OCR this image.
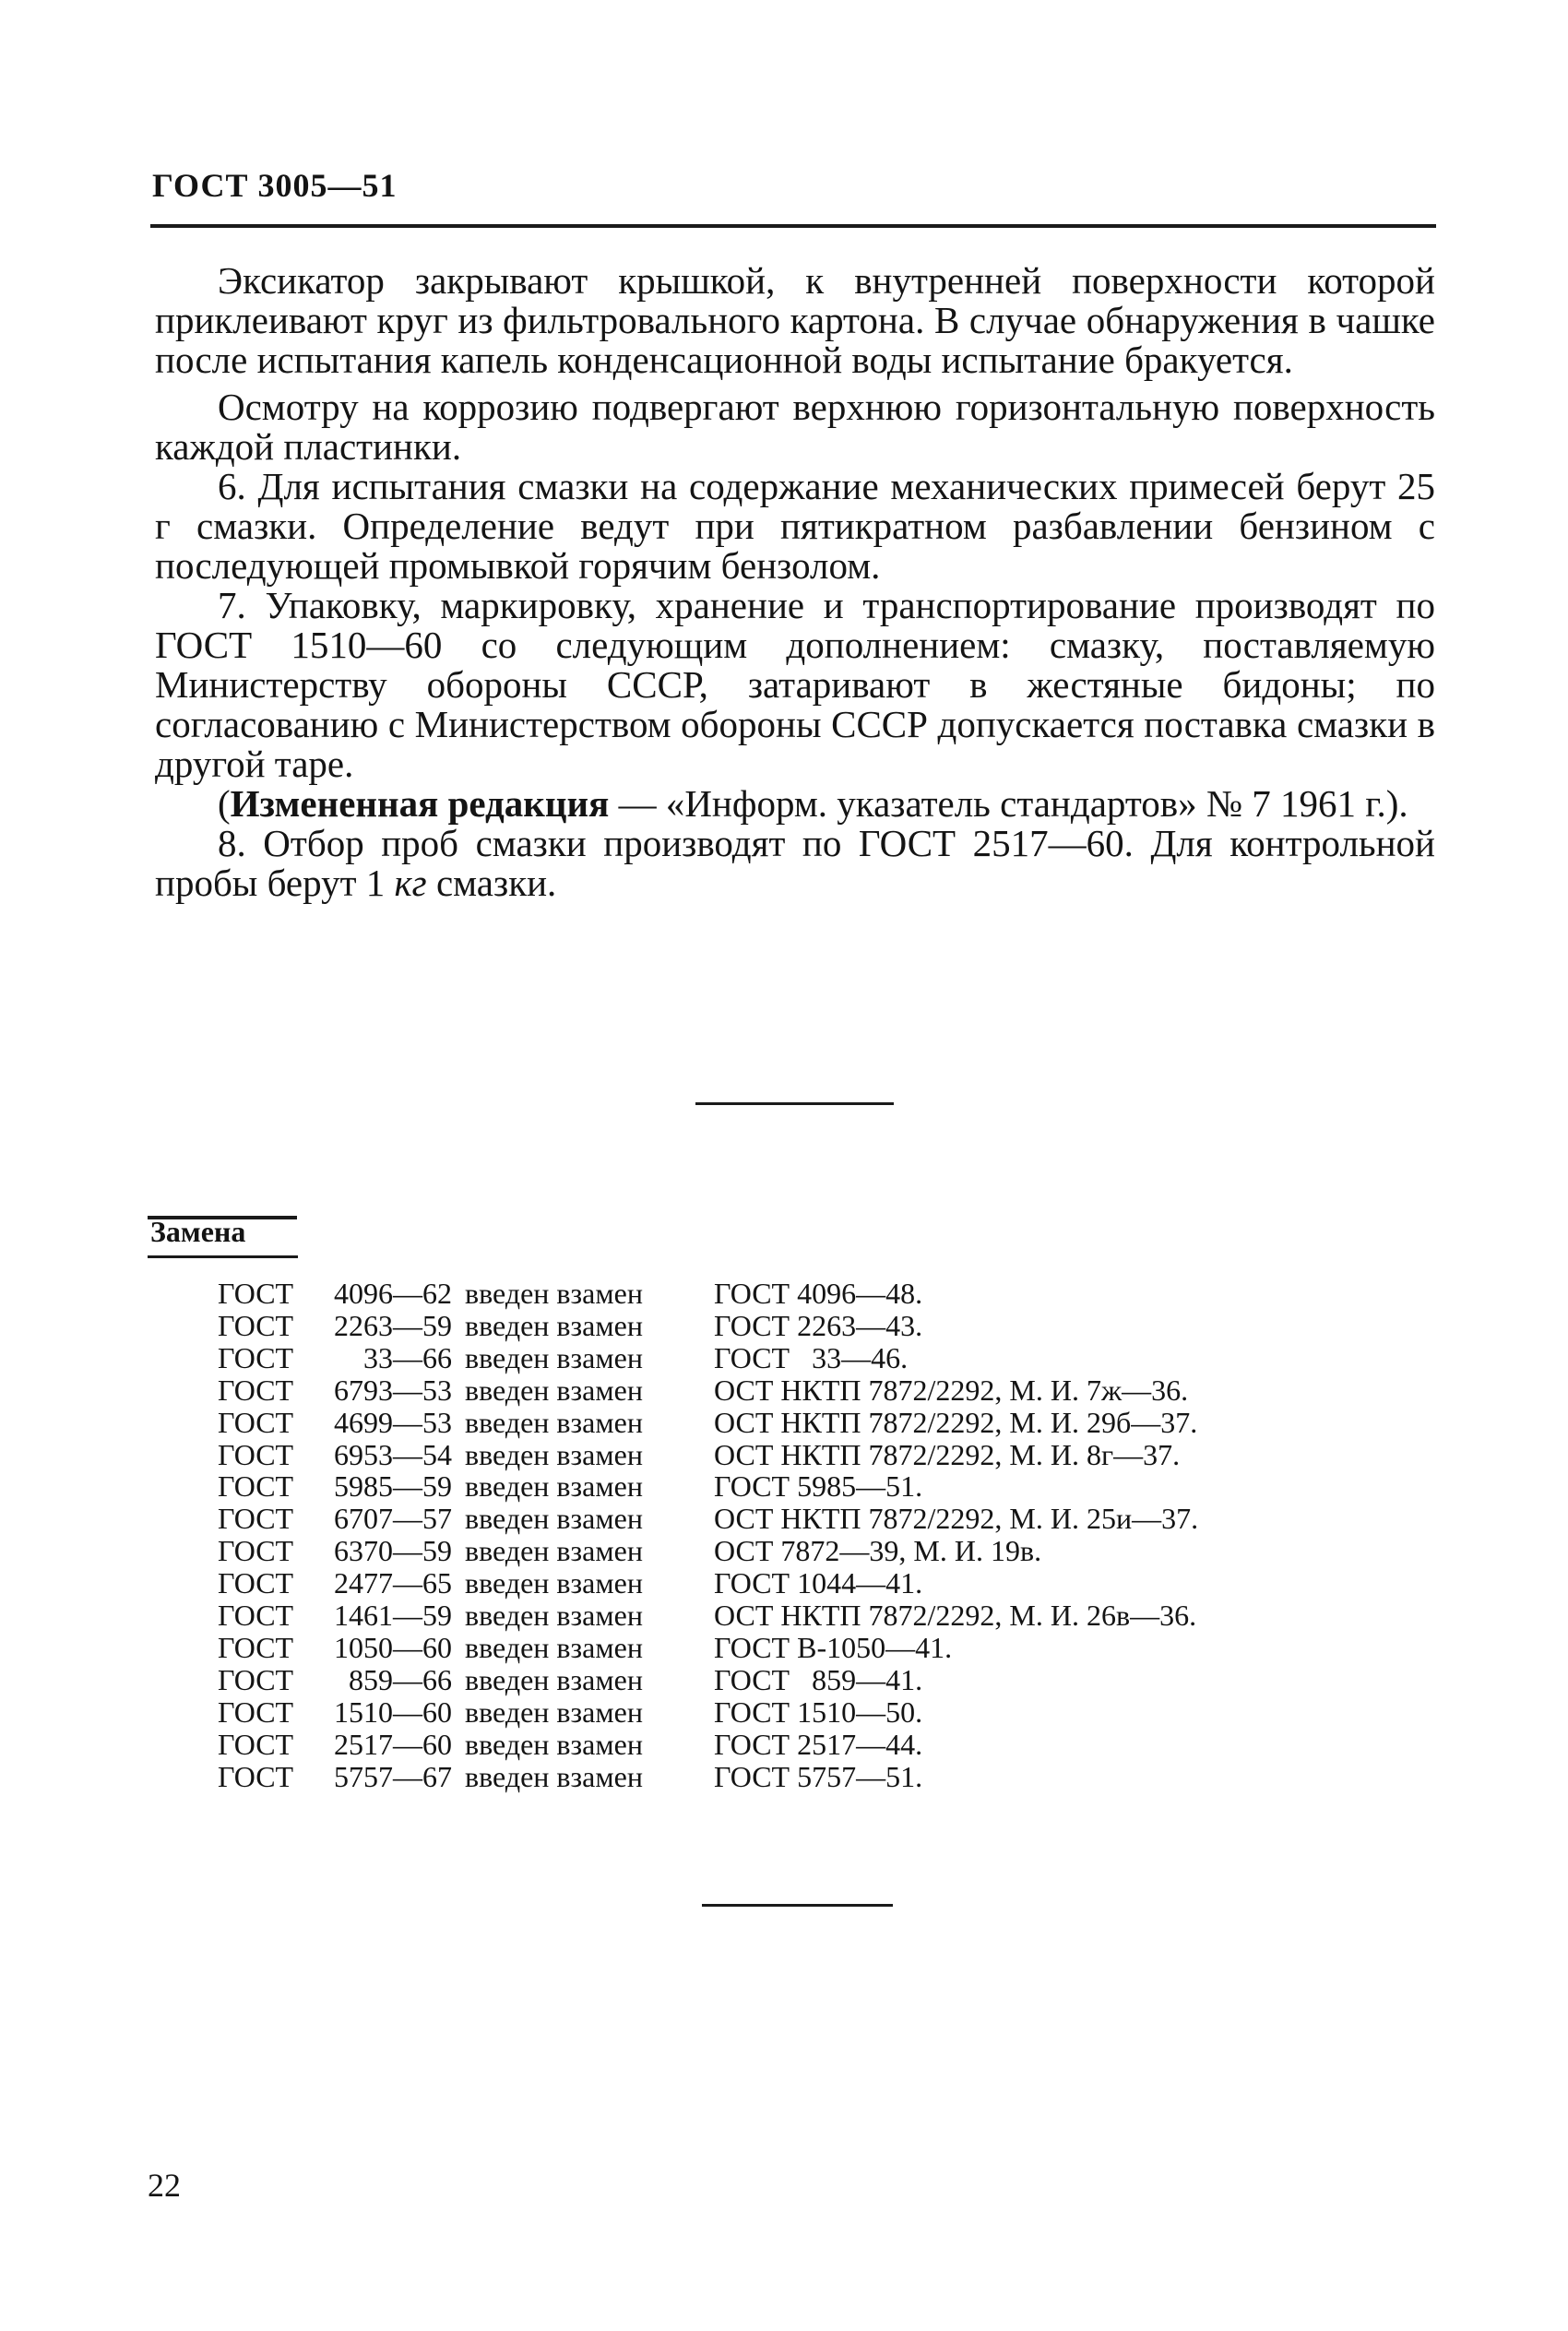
ГОСТ 3005—51

Эксикатор закрывают крышкой, к внутренней поверхности которой приклеивают круг из фильтровального картона. В случае обнаружения в чашке после испытания капель конденсационной воды испытание бракуется.

Осмотру на коррозию подвергают верхнюю горизонтальную поверхность каждой пластинки.

6. Для испытания смазки на содержание механических примесей берут 25 г смазки. Определение ведут при пятикратном разбавлении бензином с последующей промывкой горячим бензолом.

7. Упаковку, маркировку, хранение и транспортирование производят по ГОСТ 1510—60 со следующим дополнением: смазку, поставляемую Министерству обороны СССР, затаривают в жестяные бидоны; по согласованию с Министерством обороны СССР допускается поставка смазки в другой таре.

(Измененная редакция — «Информ. указатель стандартов» № 7 1961 г.).

8. Отбор проб смазки производят по ГОСТ 2517—60. Для контрольной пробы берут 1 кг смазки.

Замена
ГОСТ 4096—62 введен взамен ГОСТ 4096—48.
ГОСТ 2263—59 введен взамен ГОСТ 2263—43.
ГОСТ 33—66 введен взамен ГОСТ   33—46.
ГОСТ 6793—53 введен взамен ОСТ НКТП 7872/2292, М. И. 7ж—36.
ГОСТ 4699—53 введен взамен ОСТ НКТП 7872/2292, М. И. 29б—37.
ГОСТ 6953—54 введен взамен ОСТ НКТП 7872/2292, М. И. 8г—37.
ГОСТ 5985—59 введен взамен ГОСТ 5985—51.
ГОСТ 6707—57 введен взамен ОСТ НКТП 7872/2292, М. И. 25и—37.
ГОСТ 6370—59 введен взамен ОСТ 7872—39, М. И. 19в.
ГОСТ 2477—65 введен взамен ГОСТ 1044—41.
ГОСТ 1461—59 введен взамен ОСТ НКТП 7872/2292, М. И. 26в—36.
ГОСТ 1050—60 введен взамен ГОСТ В-1050—41.
ГОСТ 859—66 введен взамен ГОСТ   859—41.
ГОСТ 1510—60 введен взамен ГОСТ 1510—50.
ГОСТ 2517—60 введен взамен ГОСТ 2517—44.
ГОСТ 5757—67 введен взамен ГОСТ 5757—51.
22
